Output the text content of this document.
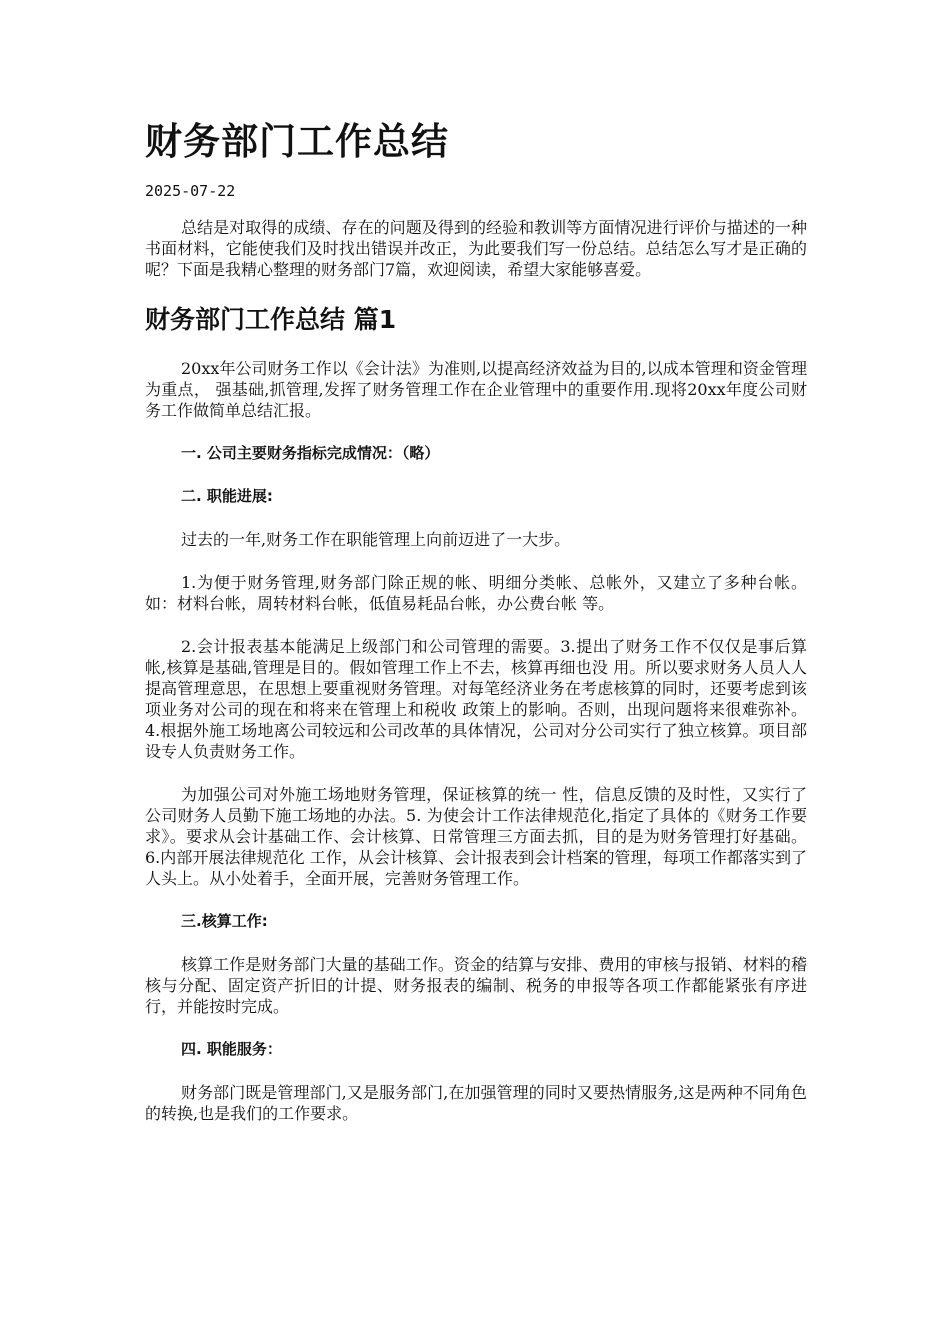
财务部门工作总结
2025-07-22

总结是对取得的成绩、存在的问题及得到的经验和教训等方面情况进行评价与描述的一种书面材料，它能使我们及时找出错误并改正，为此要我们写一份总结。总结怎么写才是正确的呢？下面是我精心整理的财务部门7篇，欢迎阅读，希望大家能够喜爱。

财务部门工作总结 篇1

20xx年公司财务工作以《会计法》为准则,以提高经济效益为目的,以成本管理和资金管理为重点， 强基础,抓管理,发挥了财务管理工作在企业管理中的重要作用.现将20xx年度公司财务工作做简单总结汇报。

一. 公司主要财务指标完成情况：（略）

二. 职能进展:

过去的一年,财务工作在职能管理上向前迈进了一大步。

1.为便于财务管理,财务部门除正规的帐、明细分类帐、总帐外，又建立了多种台帐。如：材料台帐，周转材料台帐，低值易耗品台帐，办公费台帐 等。

2.会计报表基本能满足上级部门和公司管理的需要。3.提出了财务工作不仅仅是事后算帐,核算是基础,管理是目的。假如管理工作上不去，核算再细也没 用。所以要求财务人员人人提高管理意思，在思想上要重视财务管理。对每笔经济业务在考虑核算的同时，还要考虑到该项业务对公司的现在和将来在管理上和税收 政策上的影响。否则，出现问题将来很难弥补。 4.根据外施工场地离公司较远和公司改革的具体情况，公司对分公司实行了独立核算。项目部设专人负责财务工作。

为加强公司对外施工场地财务管理，保证核算的统一 性，信息反馈的及时性，又实行了公司财务人员勤下施工场地的办法。5. 为使会计工作法律规范化,指定了具体的《财务工作要求》。要求从会计基础工作、会计核算、日常管理三方面去抓，目的是为财务管理打好基础。6.内部开展法律规范化 工作，从会计核算、会计报表到会计档案的管理，每项工作都落实到了人头上。从小处着手，全面开展，完善财务管理工作。

三.核算工作:

核算工作是财务部门大量的基础工作。资金的结算与安排、费用的审核与报销、材料的稽核与分配、固定资产折旧的计提、财务报表的编制、税务的申报等各项工作都能紧张有序进行，并能按时完成。

四. 职能服务：

财务部门既是管理部门,又是服务部门,在加强管理的同时又要热情服务,这是两种不同角色的转换,也是我们的工作要求。
